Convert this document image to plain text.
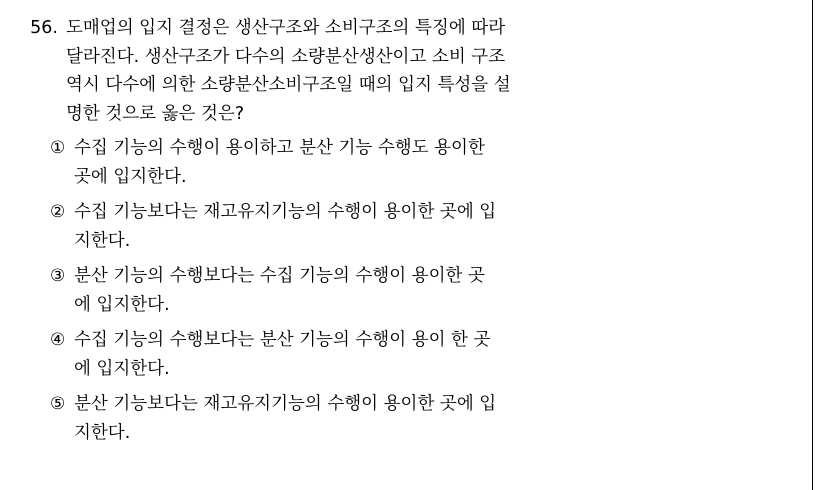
56. 도매업의 입지 결정은 생산구조와 소비구조의 특징에 따라
달라진다. 생산구조가 다수의 소량분산생산이고 소비 구조
역시 다수에 의한 소량분산소비구조일 때의 입지 특성을 설
명한 것으로 옳은 것은?
① 수집 기능의 수행이 용이하고 분산 기능 수행도 용이한
곳에 입지한다.
② 수집 기능보다는 재고유지기능의 수행이 용이한 곳에 입
지한다.
③ 분산 기능의 수행보다는 수집 기능의 수행이 용이한 곳
에 입지한다.
④ 수집 기능의 수행보다는 분산 기능의 수행이 용이 한 곳
에 입지한다.
⑤ 분산 기능보다는 재고유지기능의 수행이 용이한 곳에 입
지한다.
